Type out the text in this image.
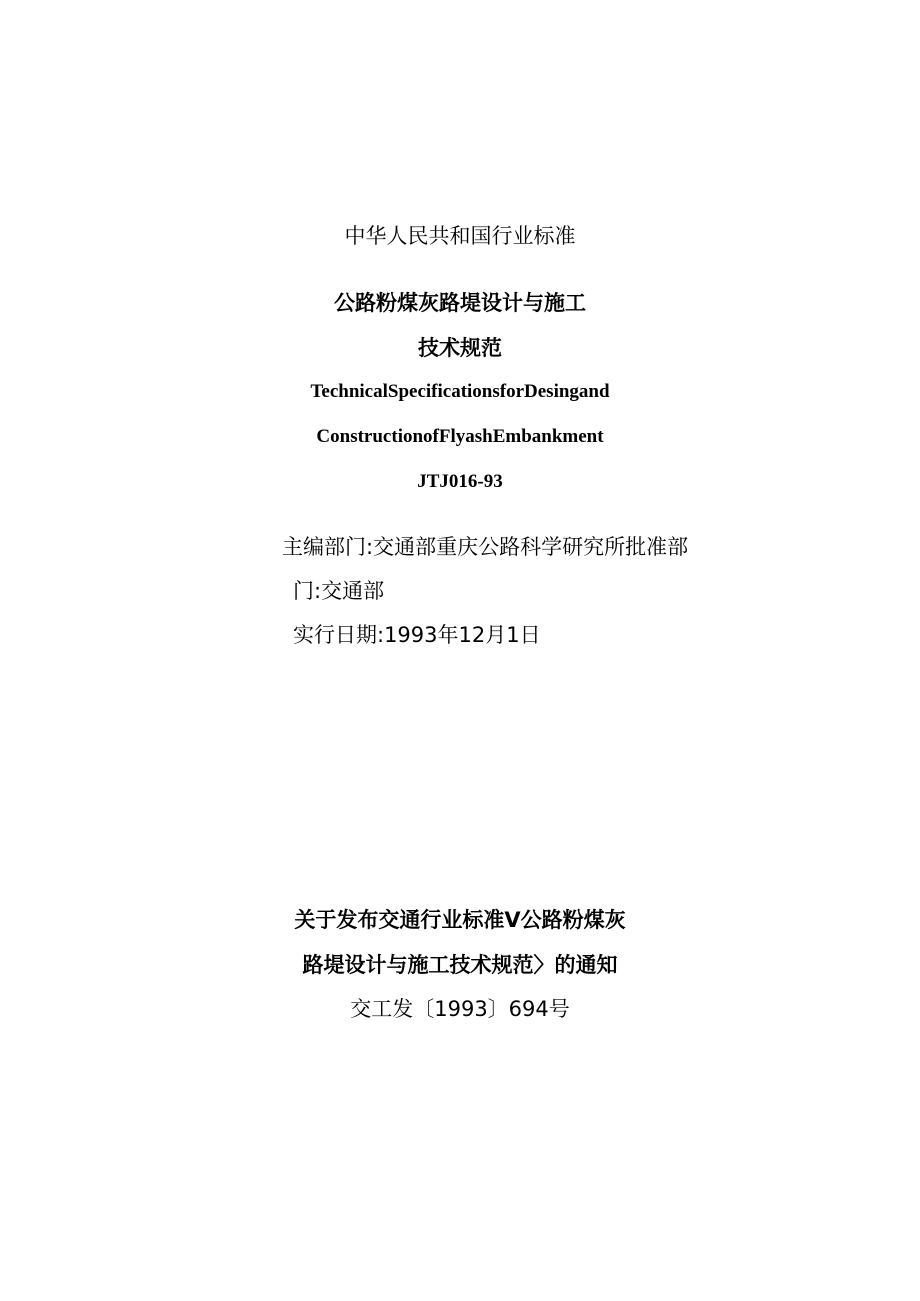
中华人民共和国行业标准
公路粉煤灰路堤设计与施工
技术规范
TechnicalSpecificationsforDesingand
ConstructionofFlyashEmbankment
JTJ016-93
主编部门:交通部重庆公路科学研究所批准部
门:交通部
实行日期:1993年12月1日
关于发布交通行业标准V公路粉煤灰
路堤设计与施工技术规范〉的通知
交工发〔1993〕694号
